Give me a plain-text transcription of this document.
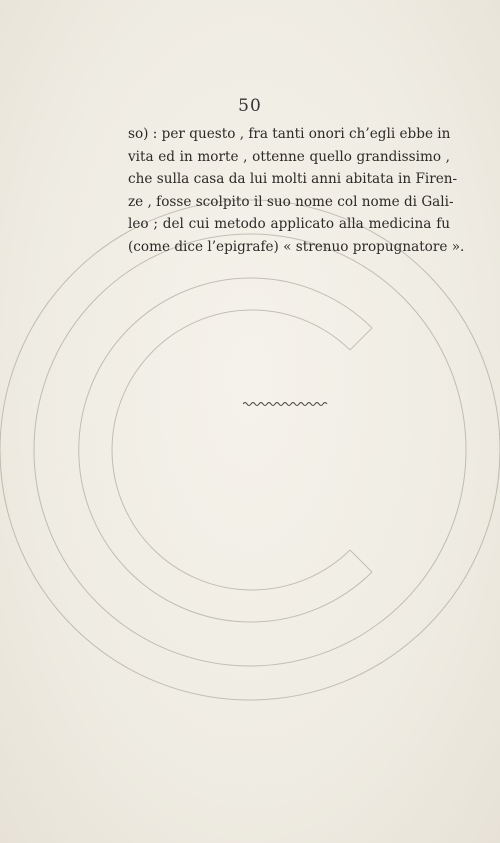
50
so) : per questo , fra tanti onori ch’egli ebbe in
vita ed in morte , ottenne quello grandissimo ,
che sulla casa da lui molti anni abitata in Firen-
ze , fosse scolpito il suo nome col nome di Gali-
leo ; del cui metodo applicato alla medicina fu
(come dice l’epigrafe) « strenuo propugnatore ».
